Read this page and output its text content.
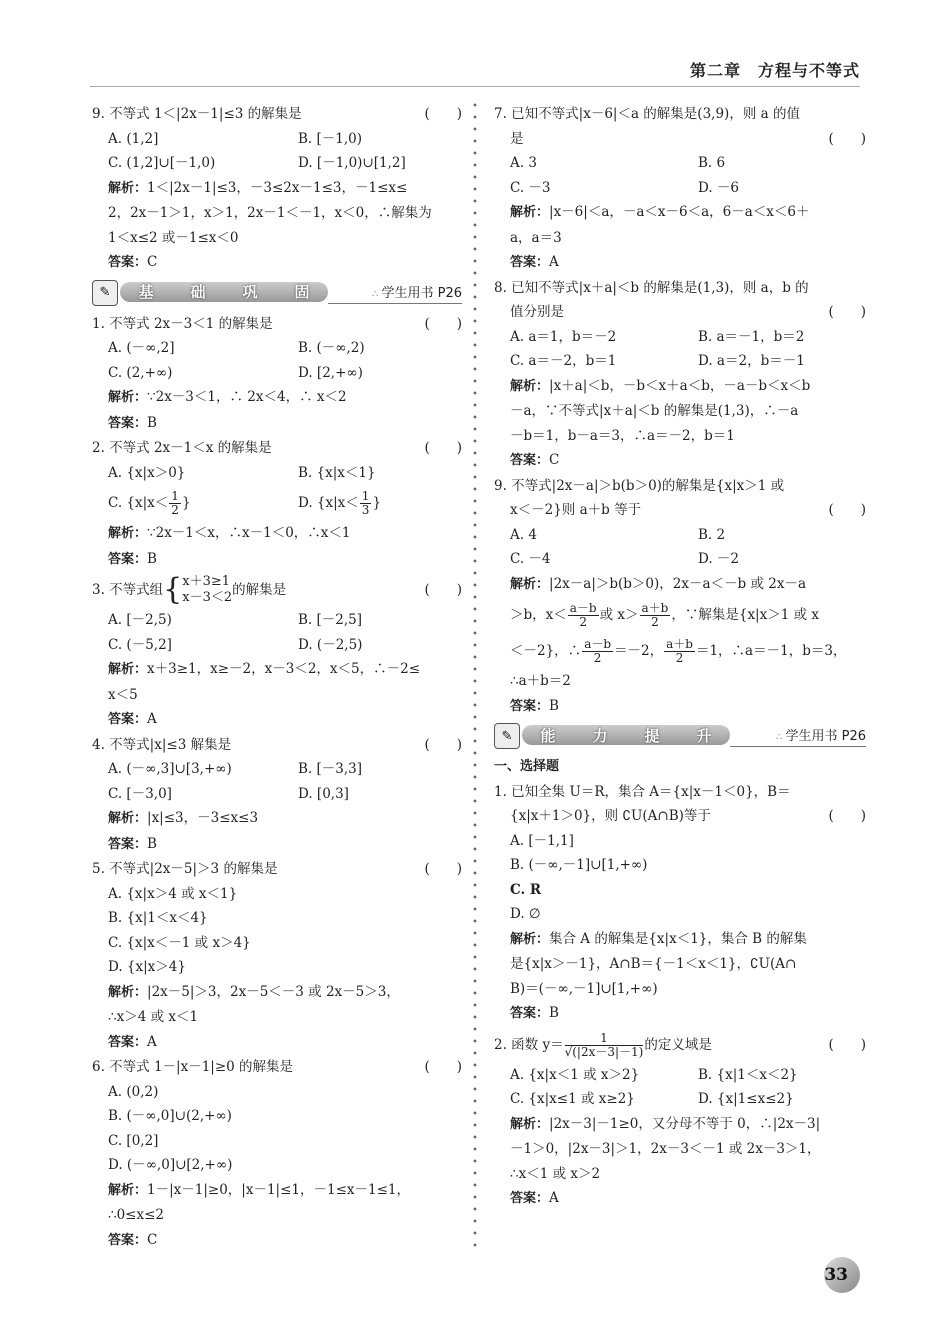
第二章　方程与不等式
9. 不等式 1＜|2x－1|≤3 的解集是	(　　)
A. (1,2]	B. [－1,0)
C. (1,2]∪[－1,0)	D. [－1,0)∪[1,2]
解析：1＜|2x－1|≤3，－3≤2x－1≤3，－1≤x≤
2，2x－1＞1，x＞1，2x－1＜－1，x＜0，∴解集为
1＜x≤2 或－1≤x＜0
答案：C
✎	基 础 巩 固	∴ 学生用书 P26
1. 不等式 2x－3＜1 的解集是	(　　)
A. (－∞,2]	B. (－∞,2)
C. (2,+∞)	D. [2,+∞)
解析：∵2x－3＜1，∴ 2x＜4，∴ x＜2
答案：B
2. 不等式 2x－1＜x 的解集是	(　　)
A. {x|x＞0}	B. {x|x＜1}
C. {$x|x< \frac{1}{2}$ }	D. {$x|x< \frac{1}{3}$ }
解析：∵2x－1＜x，∴x－1＜0，∴x＜1
答案：B
3. 不等式组 { x＋3≥1
x－3＜2 的解集是	(　　)
A. [－2,5)	B. [－2,5]
C. (－5,2]	D. (－2,5)
解析：x＋3≥1，x≥－2，x－3＜2，x＜5，∴－2≤
x＜5
答案：A
4. 不等式|x|≤3 解集是	(　　)
A. (－∞,3]∪[3,+∞)	B. [－3,3]
C. [－3,0]	D. [0,3]
解析：|x|≤3，－3≤x≤3
答案：B
5. 不等式|2x－5|＞3 的解集是	(　　)
A. {x|x＞4 或 x＜1}
B. {x|1＜x＜4}
C. {x|x＜－1 或 x＞4}
D. {x|x＞4}
解析：|2x－5|＞3，2x－5＜－3 或 2x－5＞3，
∴x＞4 或 x＜1
答案：A
6. 不等式 1－|x－1|≥0 的解集是	(　　)
A. (0,2)
B. (－∞,0]∪(2,+∞)
C. [0,2]
D. (－∞,0]∪[2,+∞)
解析：1－|x－1|≥0，|x－1|≤1，－1≤x－1≤1，
∴0≤x≤2
答案：C
7. 已知不等式|x－6|＜a 的解集是(3,9)，则 a 的值
是	(　　)
A. 3	B. 6
C. －3	D. －6
解析：|x－6|＜a，－a＜x－6＜a，6－a＜x＜6＋
a，a＝3
答案：A
8. 已知不等式|x＋a|＜b 的解集是(1,3)，则 a，b 的
值分别是	(　　)
A. a＝1，b＝－2	B. a＝－1，b＝2
C. a＝－2，b＝1	D. a＝2，b＝－1
解析：|x＋a|＜b，－b＜x＋a＜b，－a－b＜x＜b
－a，∵不等式|x＋a|＜b 的解集是(1,3)，∴－a
－b＝1，b－a＝3，∴a＝－2，b＝1
答案：C
9. 不等式|2x－a|＞b(b＞0)的解集是{x|x＞1 或
x＜－2}则 a＋b 等于	(　　)
A. 4	B. 2
C. －4	D. －2
解析：|2x－a|＞b(b＞0)，2x－a＜－b 或 2x－a
＞b，$x< \frac{a-b}{2}$ 或 $x> \frac{a+b}{2}$ ，∵解集是{x|x＞1 或 x
＜－2}，∴ $\frac{a-b}{2} =-2$， $\frac{a+b}{2} =1$，∴a＝－1，b＝3，
∴a＋b＝2
答案：B
✎	能 力 提 升	∴ 学生用书 P26
一、选择题
1. 已知全集 U＝R，集合 A＝{x|x－1＜0}，B＝
{x|x＋1＞0}，则 ∁U(A∩B)等于	(　　)
A. [－1,1]
B. (－∞,－1]∪[1,+∞)
C. R
D. ∅
解析：集合 A 的解集是{x|x＜1}，集合 B 的解集
是{x|x＞－1}，A∩B＝{－1＜x＜1}，∁U(A∩
B)＝(－∞,－1]∪[1,+∞)
答案：B
2. 函数 $y= \frac{1}{√(|2x-3|-1)}$ 的定义域是	(　　)
A. {x|x＜1 或 x＞2}	B. {x|1＜x＜2}
C. {x|x≤1 或 x≥2}	D. {x|1≤x≤2}
解析：|2x－3|－1≥0，又分母不等于 0，∴|2x－3|
－1＞0，|2x－3|＞1，2x－3＜－1 或 2x－3＞1，
∴x＜1 或 x＞2
答案：A
33
